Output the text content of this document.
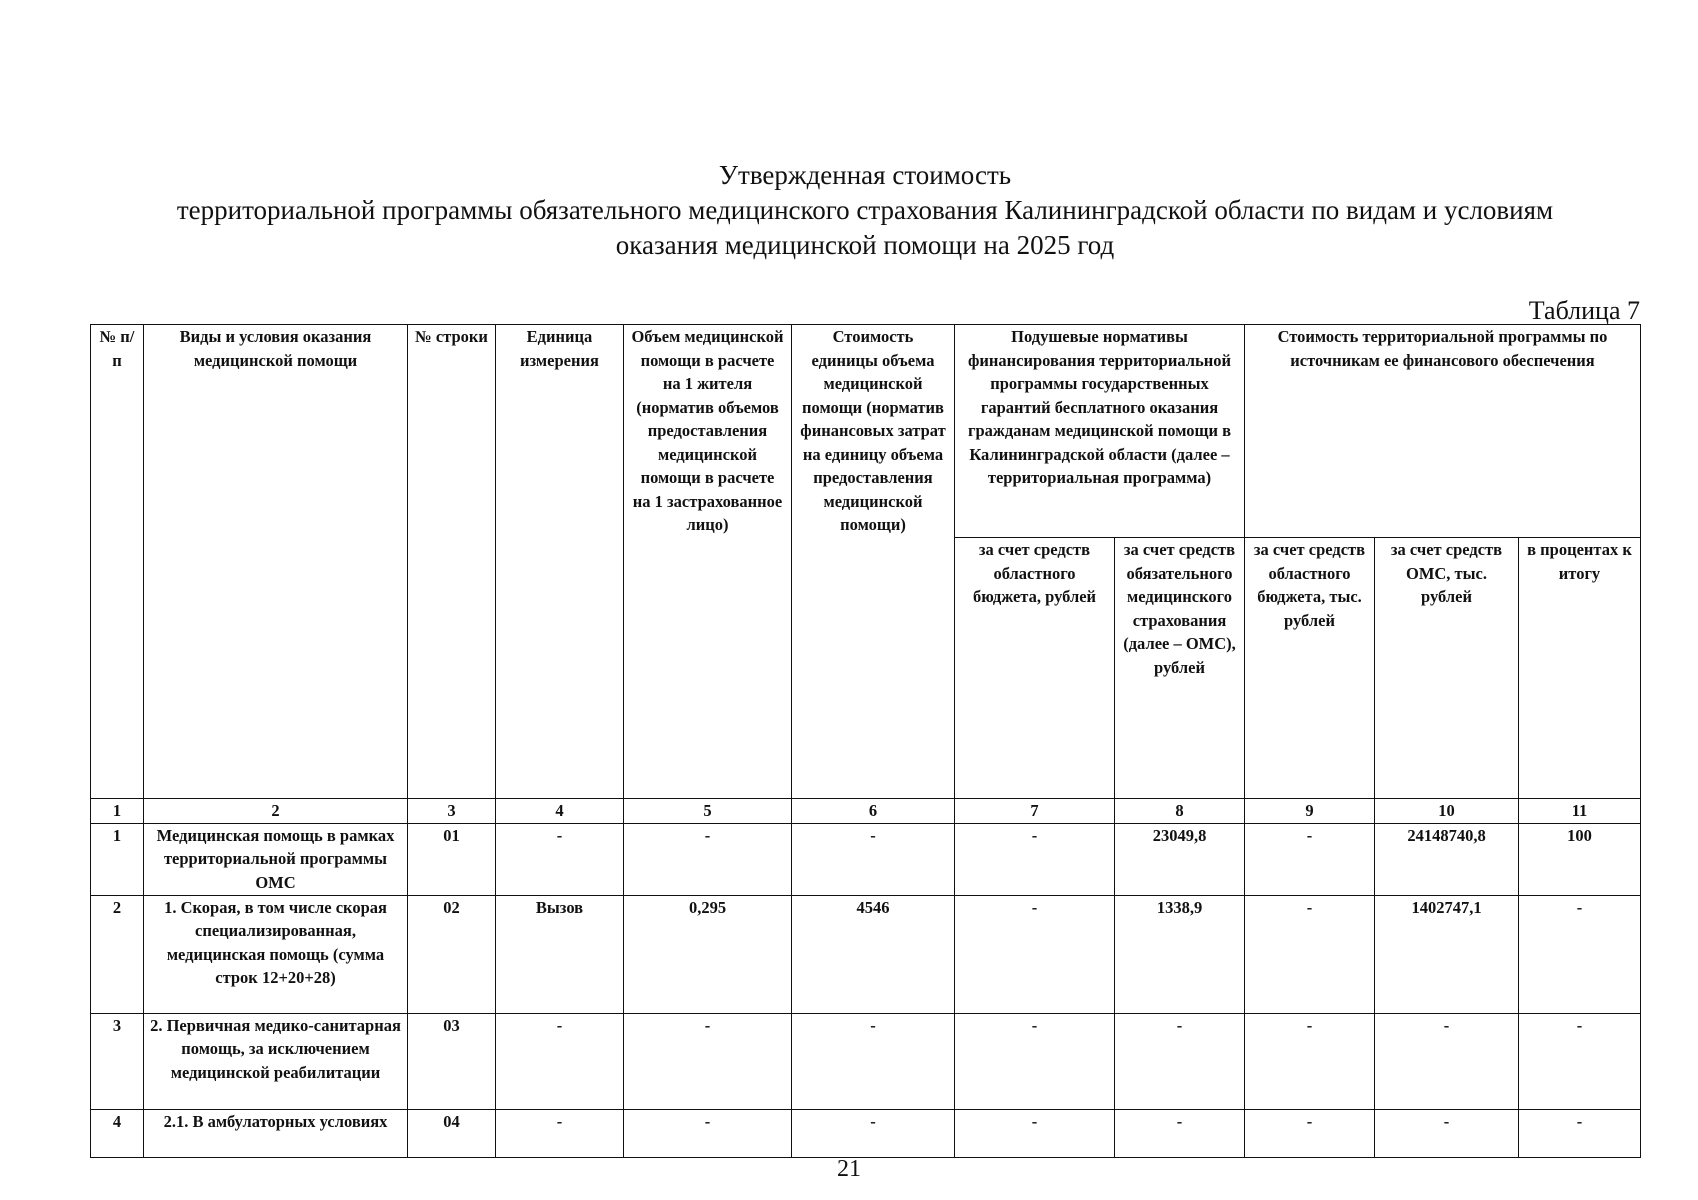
Утвержденная стоимость
территориальной программы обязательного медицинского страхования Калининградской области по видам и условиям
оказания медицинской помощи на 2025 год
Таблица 7
№ п/п	Виды и условия оказания медицинской помощи	№ строки	Единица измерения	Объем медицинской помощи в расчете на 1 жителя (норматив объемов предоставления медицинской помощи в расчете на 1 застрахованное лицо)	Стоимость единицы объема медицинской помощи (норматив финансовых затрат на единицу объема предоставления медицинской помощи)	Подушевые нормативы финансирования территориальной программы государственных гарантий бесплатного оказания гражданам медицинской помощи в Калининградской области (далее – территориальная программа)		Стоимость территориальной программы по источникам ее финансового обеспечения		
						за счет средств областного бюджета, рублей	за счет средств обязательного медицинского страхования (далее – ОМС), рублей	за счет средств областного бюджета, тыс. рублей	за счет средств ОМС, тыс. рублей	в процентах к итогу
1	2	3	4	5	6	7	8	9	10	11
1	Медицинская помощь в рамках территориальной программы ОМС	01	-	-	-	-	23049,8	-	24148740,8	100
2	1. Скорая, в том числе скорая специализированная, медицинская помощь (сумма строк 12+20+28)	02	Вызов	0,295	4546	-	1338,9	-	1402747,1	-
3	2. Первичная медико-санитарная помощь, за исключением медицинской реабилитации	03	-	-	-	-	-	-	-	-
4	2.1. В амбулаторных условиях	04	-	-	-	-	-	-	-	-
21
